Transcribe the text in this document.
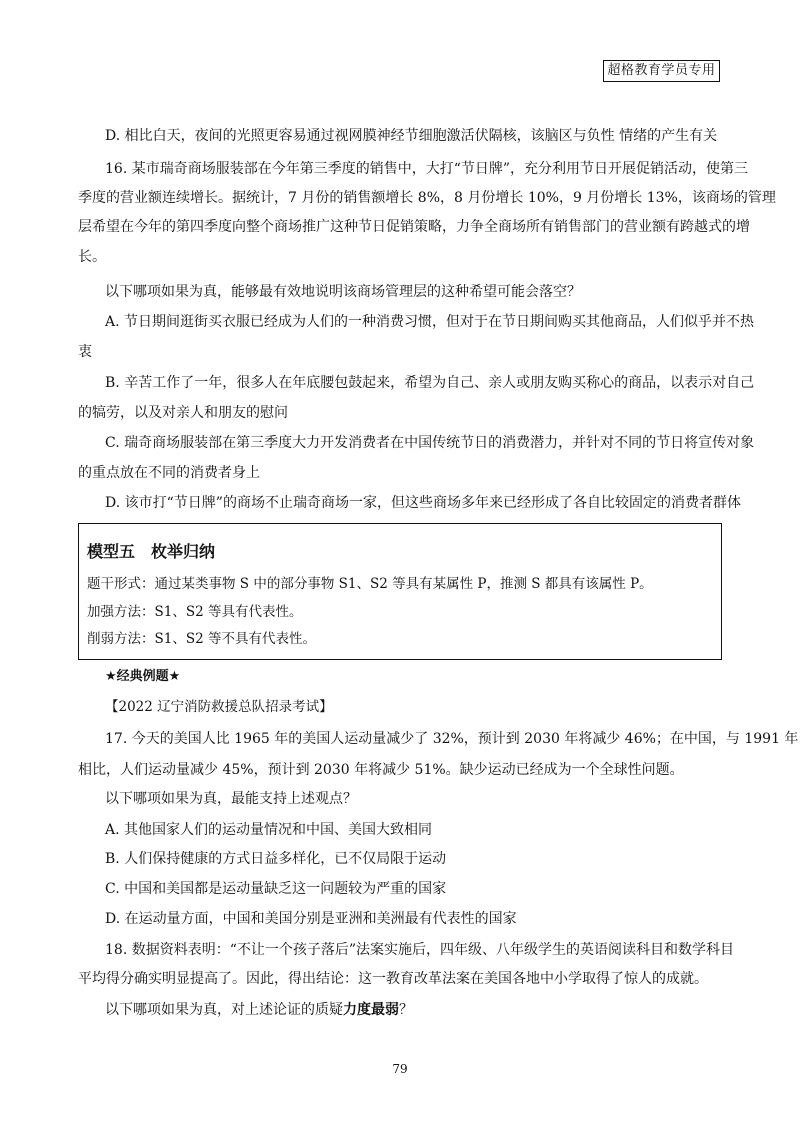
超格教育学员专用

D. 相比白天，夜间的光照更容易通过视网膜神经节细胞激活伏隔核，该脑区与负性 情绪的产生有关

16. 某市瑞奇商场服装部在今年第三季度的销售中，大打“节日牌”，充分利用节日开展促销活动，使第三

季度的营业额连续增长。据统计，7 月份的销售额增长 8%，8 月份增长 10%，9 月份增长 13%，该商场的管理

层希望在今年的第四季度向整个商场推广这种节日促销策略，力争全商场所有销售部门的营业额有跨越式的增

长。

以下哪项如果为真，能够最有效地说明该商场管理层的这种希望可能会落空？

A. 节日期间逛街买衣服已经成为人们的一种消费习惯，但对于在节日期间购买其他商品，人们似乎并不热

衷

B. 辛苦工作了一年，很多人在年底腰包鼓起来，希望为自己、亲人或朋友购买称心的商品，以表示对自己

的犒劳，以及对亲人和朋友的慰问

C. 瑞奇商场服装部在第三季度大力开发消费者在中国传统节日的消费潜力，并针对不同的节日将宣传对象

的重点放在不同的消费者身上

D. 该市打“节日牌”的商场不止瑞奇商场一家，但这些商场多年来已经形成了各自比较固定的消费者群体

模型五　枚举归纳

题干形式：通过某类事物 S 中的部分事物 S1、S2 等具有某属性 P，推测 S 都具有该属性 P。

加强方法：S1、S2 等具有代表性。

削弱方法：S1、S2 等不具有代表性。

★经典例题★

【2022 辽宁消防救援总队招录考试】

17. 今天的美国人比 1965 年的美国人运动量减少了 32%，预计到 2030 年将减少 46%；在中国，与 1991 年

相比，人们运动量减少 45%，预计到 2030 年将减少 51%。缺少运动已经成为一个全球性问题。

以下哪项如果为真，最能支持上述观点？

A. 其他国家人们的运动量情况和中国、美国大致相同

B. 人们保持健康的方式日益多样化，已不仅局限于运动

C. 中国和美国都是运动量缺乏这一问题较为严重的国家

D. 在运动量方面，中国和美国分别是亚洲和美洲最有代表性的国家

18. 数据资料表明：“不让一个孩子落后”法案实施后，四年级、八年级学生的英语阅读科目和数学科目

平均得分确实明显提高了。因此，得出结论：这一教育改革法案在美国各地中小学取得了惊人的成就。

以下哪项如果为真，对上述论证的质疑力度最弱？

79
